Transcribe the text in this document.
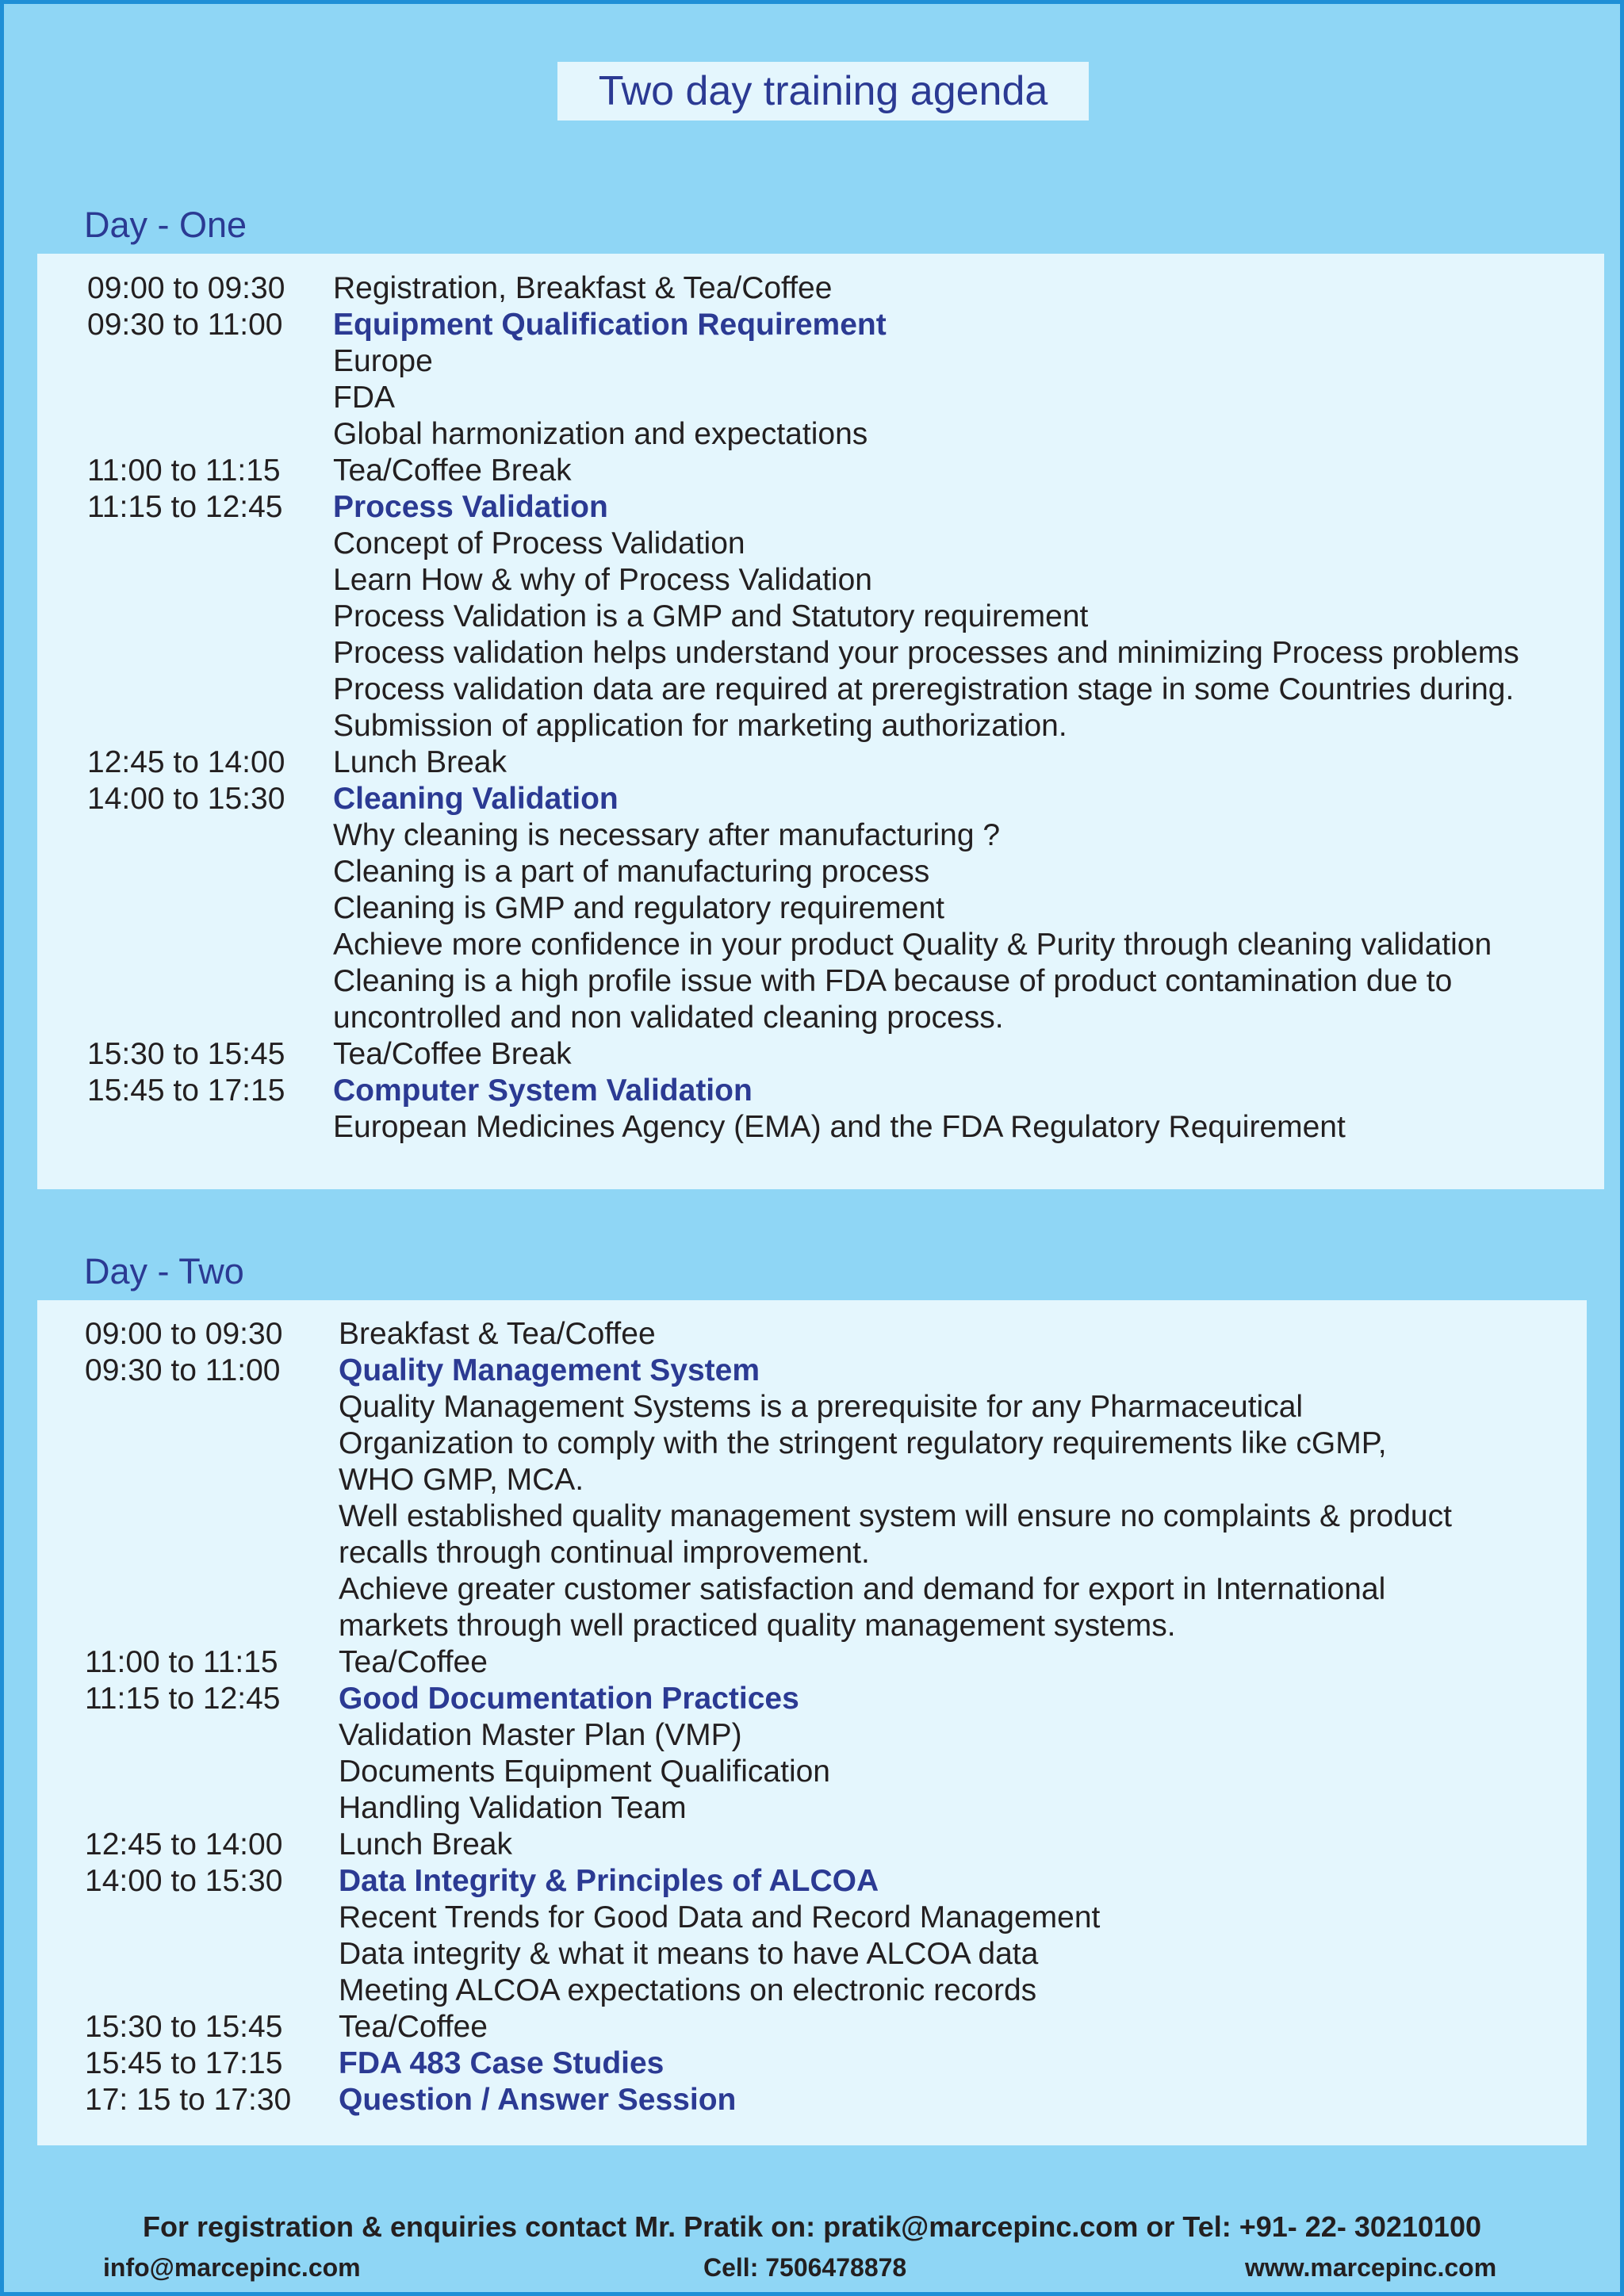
Two day training agenda
Day - One
09:00 to 09:30	Registration, Breakfast & Tea/Coffee
09:30 to 11:00	Equipment Qualification Requirement
Europe
FDA
Global harmonization and expectations
11:00 to 11:15	Tea/Coffee Break
11:15 to 12:45	Process Validation
Concept of Process Validation
Learn How & why of Process Validation
Process Validation is a GMP and Statutory requirement
Process validation helps understand your processes and minimizing Process problems
Process validation data are required at preregistration stage in some Countries during.
Submission of application for marketing authorization.
12:45 to 14:00	Lunch Break
14:00 to 15:30	Cleaning Validation
Why cleaning is necessary after manufacturing ?
Cleaning is a part of manufacturing process
Cleaning is GMP and regulatory requirement
Achieve more confidence in your product Quality & Purity through cleaning validation
Cleaning is a high profile issue with FDA because of product contamination due to
uncontrolled and non validated cleaning process.
15:30 to 15:45	Tea/Coffee Break
15:45 to 17:15	Computer System Validation
European Medicines Agency (EMA) and the FDA Regulatory Requirement
Day - Two
09:00 to 09:30	Breakfast & Tea/Coffee
09:30 to 11:00	Quality Management System
Quality Management Systems is a prerequisite for any Pharmaceutical
Organization to comply with the stringent regulatory requirements like cGMP,
WHO GMP, MCA.
Well established quality management system will ensure no complaints & product
recalls through continual improvement.
Achieve greater customer satisfaction and demand for export in International
markets through well practiced quality management systems.
11:00 to 11:15	Tea/Coffee
11:15 to 12:45	Good Documentation Practices
Validation Master Plan (VMP)
Documents Equipment Qualification
Handling Validation Team
12:45 to 14:00	Lunch Break
14:00 to 15:30	Data Integrity & Principles of ALCOA
Recent Trends for Good Data and Record Management
Data integrity & what it means to have ALCOA data
Meeting ALCOA expectations on electronic records
15:30 to 15:45	Tea/Coffee
15:45 to 17:15	FDA 483 Case Studies
17: 15 to 17:30	Question / Answer Session
For registration & enquiries contact Mr. Pratik on: pratik@marcepinc.com or Tel: +91- 22- 30210100
info@marcepinc.com	Cell: 7506478878	www.marcepinc.com
